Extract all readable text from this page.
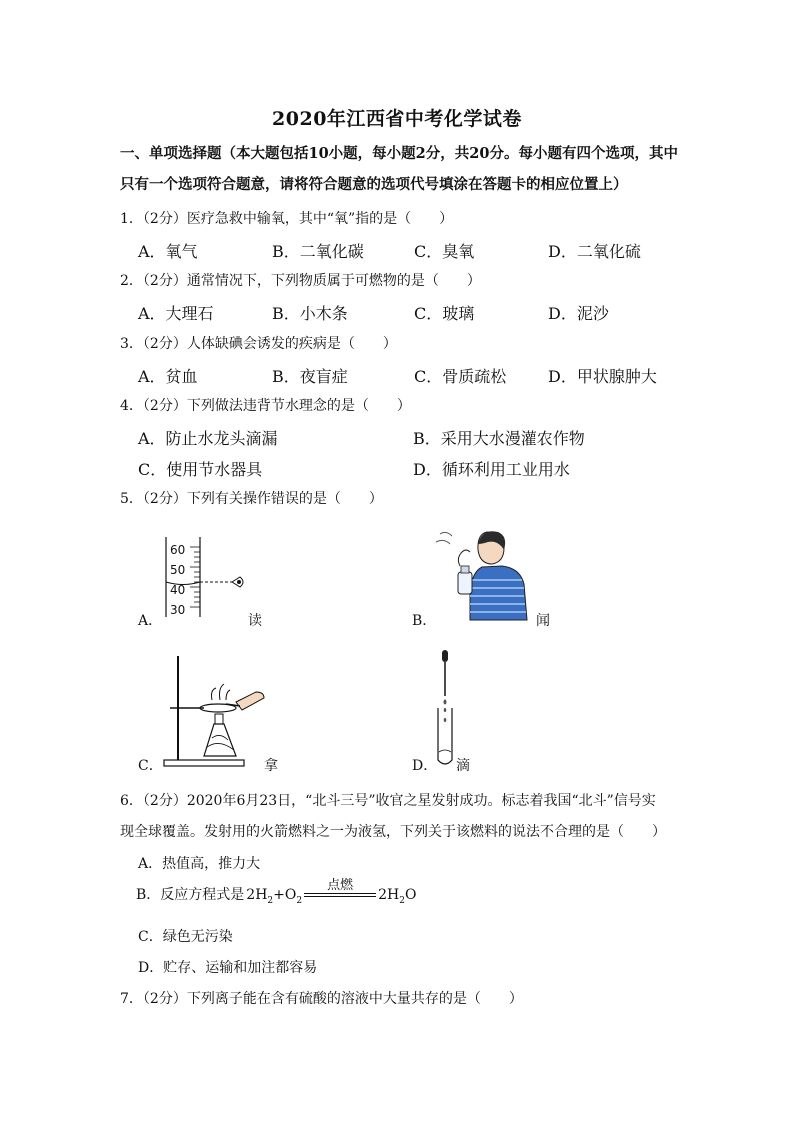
2020年江西省中考化学试卷
一、单项选择题（本大题包括10小题，每小题2分，共20分。每小题有四个选项，其中
只有一个选项符合题意，请将符合题意的选项代号填涂在答题卡的相应位置上）
1．（2分）医疗急救中输氧，其中“氧”指的是（　　）
A．氧气	B．二氧化碳	C．臭氧	D．二氧化硫
2．（2分）通常情况下，下列物质属于可燃物的是（　　）
A．大理石	B．小木条	C．玻璃	D．泥沙
3．（2分）人体缺碘会诱发的疾病是（　　）
A．贫血	B．夜盲症	C．骨质疏松	D．甲状腺肿大
4．（2分）下列做法违背节水理念的是（　　）
A．防止水龙头滴漏	B．采用大水漫灌农作物
C．使用节水器具	D．循环利用工业用水
5．（2分）下列有关操作错误的是（　　）
60
50
40
30
A．	读	B．	闻
C．	拿	D． 滴
6．（2分）2020年6月23日，“北斗三号”收官之星发射成功。标志着我国“北斗”信号实
现全球覆盖。发射用的火箭燃料之一为液氢，下列关于该燃料的说法不合理的是（　　）
A．热值高，推力大
B．反应方程式是 $2H_2+O_2$
点燃
$2H_2O$
C．绿色无污染
D．贮存、运输和加注都容易
7．（2分）下列离子能在含有硫酸的溶液中大量共存的是（　　）
